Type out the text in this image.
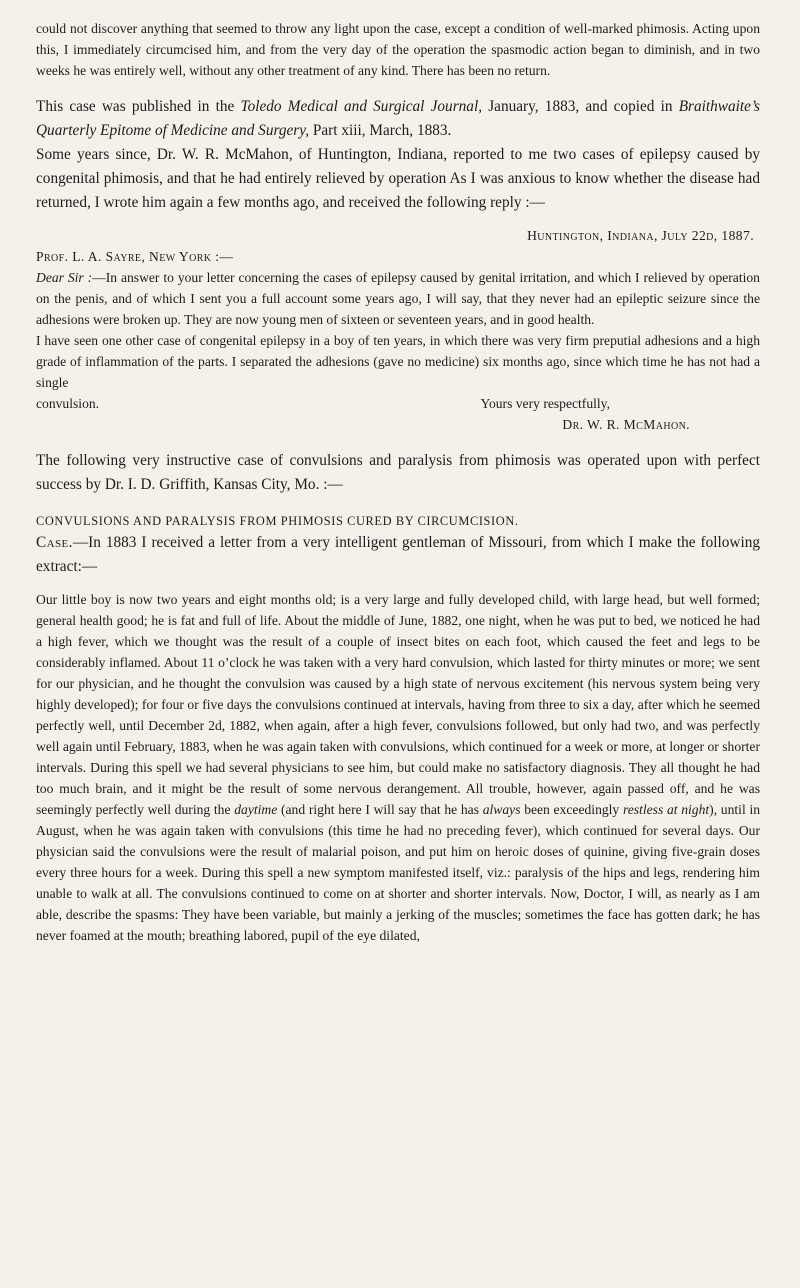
could not discover anything that seemed to throw any light upon the case, except a condition of well-marked phimosis. Acting upon this, I immediately circumcised him, and from the very day of the operation the spasmodic action began to diminish, and in two weeks he was entirely well, without any other treatment of any kind. There has been no return.

This case was published in the Toledo Medical and Surgical Journal, January, 1883, and copied in Braithwaite’s Quarterly Epitome of Medicine and Surgery, Part xiii, March, 1883.

Some years since, Dr. W. R. McMahon, of Huntington, Indiana, reported to me two cases of epilepsy caused by congenital phimosis, and that he had entirely relieved by operation As I was anxious to know whether the disease had returned, I wrote him again a few months ago, and received the following reply :—

Huntington, Indiana, July 22d, 1887.

Prof. L. A. Sayre, New York :—

Dear Sir :—In answer to your letter concerning the cases of epilepsy caused by genital irritation, and which I relieved by operation on the penis, and of which I sent you a full account some years ago, I will say, that they never had an epileptic seizure since the adhesions were broken up. They are now young men of sixteen or seventeen years, and in good health.

I have seen one other case of congenital epilepsy in a boy of ten years, in which there was very firm preputial adhesions and a high grade of inflammation of the parts. I separated the adhesions (gave no medicine) six months ago, since which time he has not had a single

convulsion.	Yours very respectfully,

Dr. W. R. McMahon.

The following very instructive case of convulsions and paralysis from phimosis was operated upon with perfect success by Dr. I. D. Griffith, Kansas City, Mo. :—

CONVULSIONS AND PARALYSIS FROM PHIMOSIS CURED BY CIRCUMCISION.

Case.—In 1883 I received a letter from a very intelligent gentleman of Missouri, from which I make the following extract:—

Our little boy is now two years and eight months old; is a very large and fully developed child, with large head, but well formed; general health good; he is fat and full of life. About the middle of June, 1882, one night, when he was put to bed, we noticed he had a high fever, which we thought was the result of a couple of insect bites on each foot, which caused the feet and legs to be considerably inflamed. About 11 o’clock he was taken with a very hard convulsion, which lasted for thirty minutes or more; we sent for our physician, and he thought the convulsion was caused by a high state of nervous excitement (his nervous system being very highly developed); for four or five days the convulsions continued at intervals, having from three to six a day, after which he seemed perfectly well, until December 2d, 1882, when again, after a high fever, convulsions followed, but only had two, and was perfectly well again until February, 1883, when he was again taken with convulsions, which continued for a week or more, at longer or shorter intervals. During this spell we had several physicians to see him, but could make no satisfactory diagnosis. They all thought he had too much brain, and it might be the result of some nervous derangement. All trouble, however, again passed off, and he was seemingly perfectly well during the daytime (and right here I will say that he has always been exceedingly restless at night), until in August, when he was again taken with convulsions (this time he had no preceding fever), which continued for several days. Our physician said the convulsions were the result of malarial poison, and put him on heroic doses of quinine, giving five-grain doses every three hours for a week. During this spell a new symptom manifested itself, viz.: paralysis of the hips and legs, rendering him unable to walk at all. The convulsions continued to come on at shorter and shorter intervals. Now, Doctor, I will, as nearly as I am able, describe the spasms: They have been variable, but mainly a jerking of the muscles; sometimes the face has gotten dark; he has never foamed at the mouth; breathing labored, pupil of the eye dilated,
